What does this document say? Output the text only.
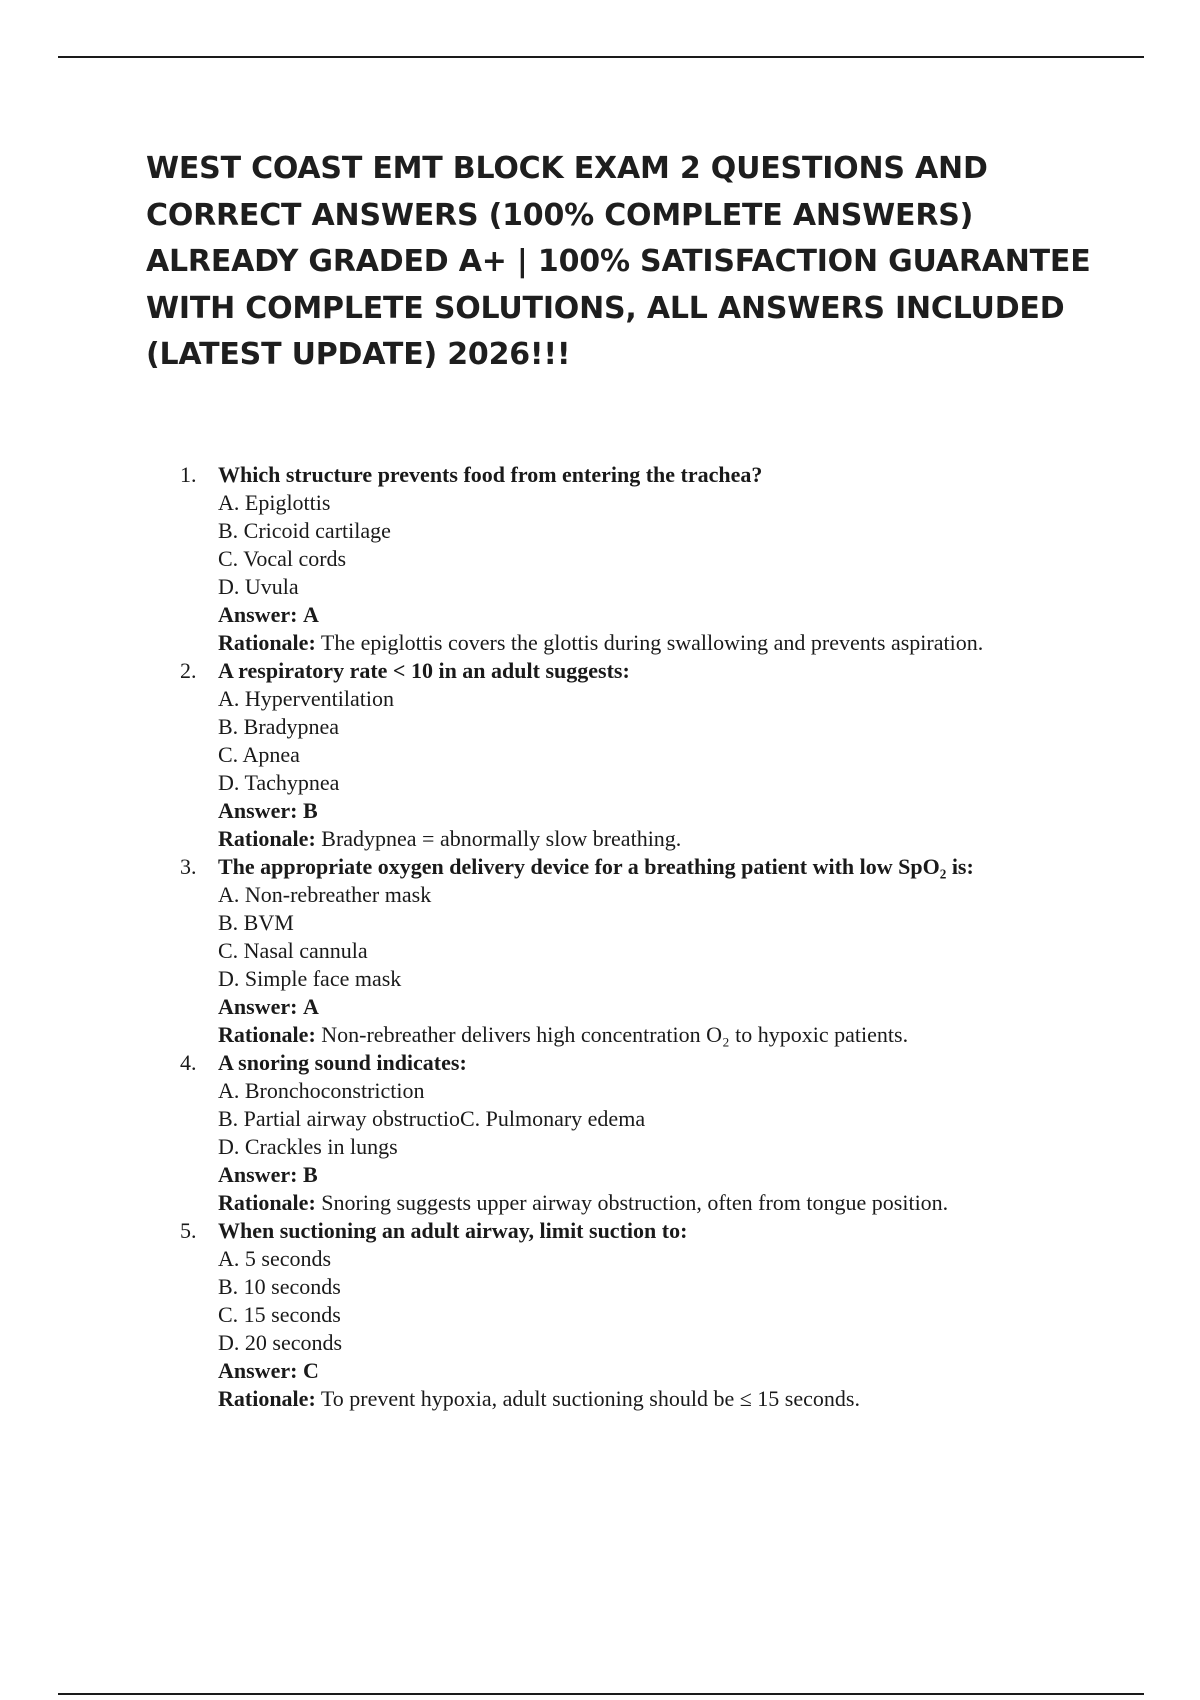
WEST COAST EMT BLOCK EXAM 2 QUESTIONS AND CORRECT ANSWERS (100% COMPLETE ANSWERS) ALREADY GRADED A+ | 100% SATISFACTION GUARANTEE WITH COMPLETE SOLUTIONS, ALL ANSWERS INCLUDED (LATEST UPDATE) 2026!!!
1. Which structure prevents food from entering the trachea?
A. Epiglottis
B. Cricoid cartilage
C. Vocal cords
D. Uvula
Answer: A
Rationale: The epiglottis covers the glottis during swallowing and prevents aspiration.
2. A respiratory rate < 10 in an adult suggests:
A. Hyperventilation
B. Bradypnea
C. Apnea
D. Tachypnea
Answer: B
Rationale: Bradypnea = abnormally slow breathing.
3. The appropriate oxygen delivery device for a breathing patient with low SpO₂ is:
A. Non-rebreather mask
B. BVM
C. Nasal cannula
D. Simple face mask
Answer: A
Rationale: Non-rebreather delivers high concentration O₂ to hypoxic patients.
4. A snoring sound indicates:
A. Bronchoconstriction
B. Partial airway obstructioC. Pulmonary edema
D. Crackles in lungs
Answer: B
Rationale: Snoring suggests upper airway obstruction, often from tongue position.
5. When suctioning an adult airway, limit suction to:
A. 5 seconds
B. 10 seconds
C. 15 seconds
D. 20 seconds
Answer: C
Rationale: To prevent hypoxia, adult suctioning should be ≤ 15 seconds.
